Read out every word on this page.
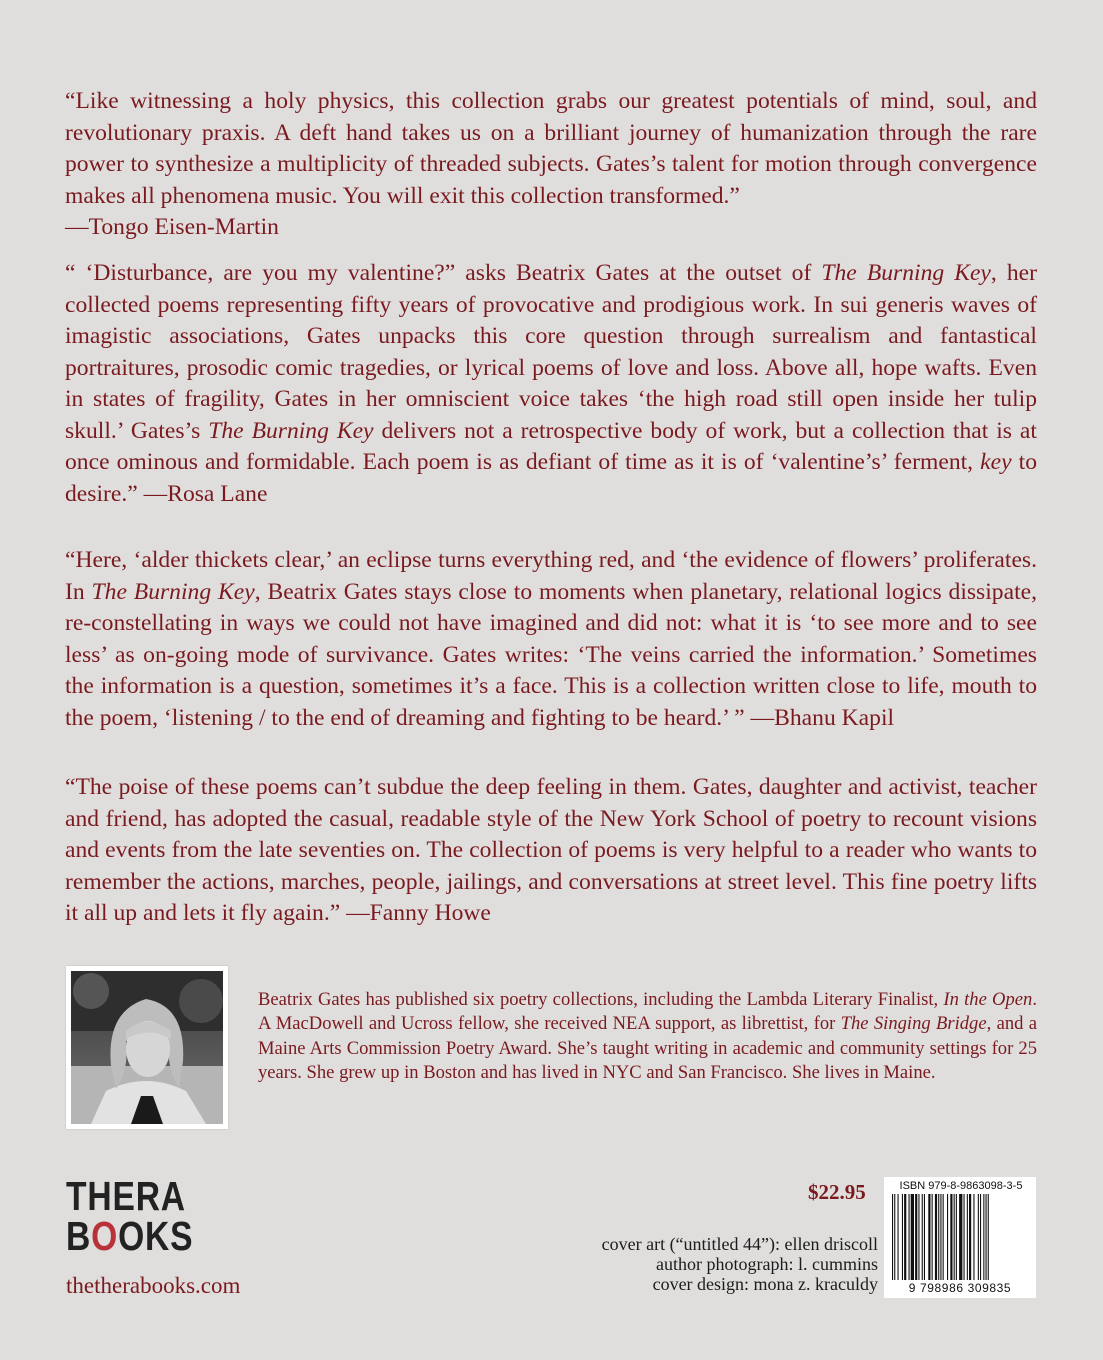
“Like witnessing a holy physics, this collection grabs our greatest potentials of mind, soul, and revolutionary praxis. A deft hand takes us on a brilliant journey of humanization through the rare power to synthesize a multiplicity of threaded subjects. Gates’s talent for motion through convergence makes all phenomena music. You will exit this collection transformed.”
—Tongo Eisen-Martin

“ ‘Disturbance, are you my valentine?” asks Beatrix Gates at the outset of The Burning Key, her collected poems representing fifty years of provocative and prodigious work. In sui generis waves of imagistic associations, Gates unpacks this core question through surrealism and fantastical portraitures, prosodic comic tragedies, or lyrical poems of love and loss. Above all, hope wafts. Even in states of fragility, Gates in her omniscient voice takes ‘the high road still open inside her tulip skull.’ Gates’s The Burning Key delivers not a retrospective body of work, but a collection that is at once ominous and formidable. Each poem is as defiant of time as it is of ‘valentine’s’ ferment, key to desire.” —Rosa Lane

“Here, ‘alder thickets clear,’ an eclipse turns everything red, and ‘the evidence of flowers’ proliferates. In The Burning Key, Beatrix Gates stays close to moments when planetary, relational logics dissipate, re-constellating in ways we could not have imagined and did not: what it is ‘to see more and to see less’ as on-going mode of survivance. Gates writes: ‘The veins carried the information.’ Sometimes the information is a question, sometimes it’s a face. This is a collection written close to life, mouth to the poem, ‘listening / to the end of dreaming and fighting to be heard.’ ” —Bhanu Kapil

“The poise of these poems can’t subdue the deep feeling in them. Gates, daughter and activist, teacher and friend, has adopted the casual, readable style of the New York School of poetry to recount visions and events from the late seventies on. The collection of poems is very helpful to a reader who wants to remember the actions, marches, people, jailings, and conversations at street level. This fine poetry lifts it all up and lets it fly again.” —Fanny Howe

Beatrix Gates has published six poetry collections, including the Lambda Literary Finalist, In the Open. A MacDowell and Ucross fellow, she received NEA support, as librettist, for The Singing Bridge, and a Maine Arts Commission Poetry Award. She’s taught writing in academic and community settings for 25 years. She grew up in Boston and has lived in NYC and San Francisco. She lives in Maine.

THERA
BOOKS
thetherabooks.com
$22.95
cover art (“untitled 44”): ellen driscoll
author photograph: l. cummins
cover design: mona z. kraculdy
ISBN 979-8-9863098-3-5
9 798986 309835
